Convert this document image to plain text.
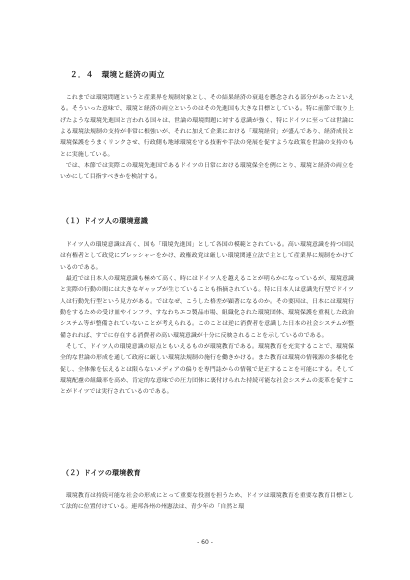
２．４　環境と経済の両立

これまでは環境問題というと産業界を規制対象とし、その結果経済の衰退を懸念される部分があったといえる。そういった意味で、環境と経済の両立というのはその先進国も大きな目標としている。特に前節で取り上げたような環境先進国と言われる国々は、世論の環境問題に対する意識が強く、特にドイツに至っては世論による環境法規制の支持が非常に根強いが、それに加えて企業における「環境経営」が盛んであり、経済成長と環境保護をうまくリンクさせ、行政側も地球環境を守る技術や手法の発展を促すような政策を世論の支持のもとに実施している。

では、本節では実際この環境先進国であるドイツの日常における環境保全を例にとり、環境と経済の両立をいかにして目指すべきかを検討する。

（１）ドイツ人の環境意識

ドイツ人の環境意識は高く、国も「環境先進国」として各国の模範とされている。高い環境意識を持つ国民は有権者として政党にプレッシャーをかけ、政権政党は厳しい環境関連立法で主として産業界に規制をかけているのである。

最近では日本人の環境意識も極めて高く、時にはドイツ人を越えることが明らかになっているが、環境意識と実際の行動の間には大きなギャップが生じていることも指摘されている。特に日本人は意識先行型でドイツ人は行動先行型という見方がある。ではなぜ、こうした格差が顕著になるのか。その要因は、日本には環境行動をするための受け皿やインフラ、すなわちエコ製品市場、組織化された環境団体、環境保護を重視した政治システム等が整備されていないことが考えられる。このことは逆に消費者を意識した日本の社会システムが整備されれば、すでに存在する消費者の高い環境意識が十分に反映されることを示しているのである。

そして、ドイツ人の環境意識の原点ともいえるものが環境教育である。環境教育を充実することで、環境保全的な世論の形成を通して政府に厳しい環境法規制の施行を働きかける。また教育は環境の情報源の多様化を促し、全体像を伝えるとは限らないメディアの偏りを専門誌からの情報で是正することを可能にする。そして環境配慮の組織率を高め、肯定的な意味での圧力団体に裏付けられた持続可能な社会システムの変革を促すことがドイツでは実行されているのである。

（２）ドイツの環境教育

環境教育は持続可能な社会の形成にとって重要な役割を担うため、ドイツは環境教育を重要な教育目標として法的に位置付けている。連邦各州の州憲法は、青少年の「自然と環

- 60 -
